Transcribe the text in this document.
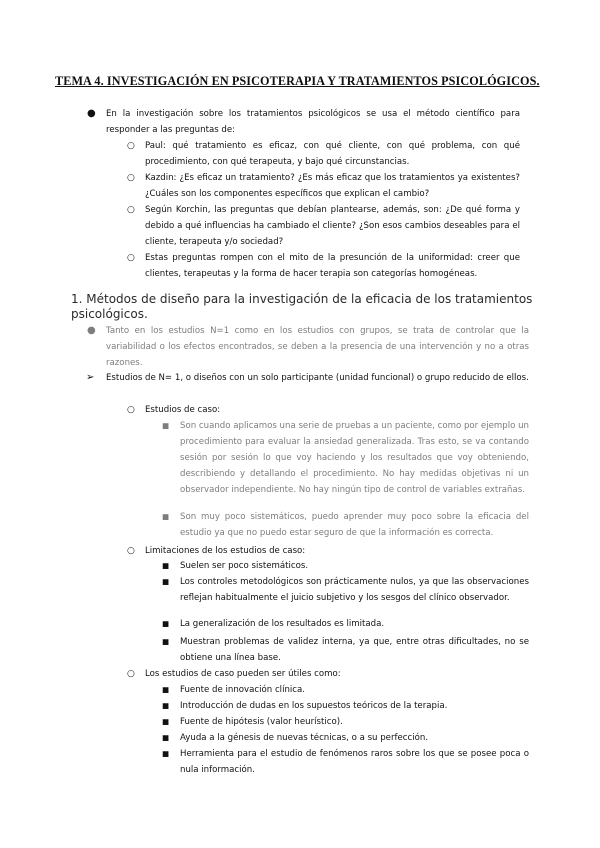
TEMA 4. INVESTIGACIÓN EN PSICOTERAPIA Y TRATAMIENTOS PSICOLÓGICOS.
● En la investigación sobre los tratamientos psicológicos se usa el método científico para responder a las preguntas de:
○ Paul: qué tratamiento es eficaz, con qué cliente, con qué problema, con qué procedimiento, con qué terapeuta, y bajo qué circunstancias.
○ Kazdin: ¿Es eficaz un tratamiento? ¿Es más eficaz que los tratamientos ya existentes? ¿Cuáles son los componentes específicos que explican el cambio?
○ Según Korchin, las preguntas que debían plantearse, además, son: ¿De qué forma y debido a qué influencias ha cambiado el cliente? ¿Son esos cambios deseables para el cliente, terapeuta y/o sociedad?
○ Estas preguntas rompen con el mito de la presunción de la uniformidad: creer que clientes, terapeutas y la forma de hacer terapia son categorías homogéneas.
1. Métodos de diseño para la investigación de la eficacia de los tratamientos psicológicos.
● Tanto en los estudios N=1 como en los estudios con grupos, se trata de controlar que la variabilidad o los efectos encontrados, se deben a la presencia de una intervención y no a otras razones.
➢ Estudios de N= 1, o diseños con un solo participante (unidad funcional) o grupo reducido de ellos.
○ Estudios de caso:
■ Son cuando aplicamos una serie de pruebas a un paciente, como por ejemplo un procedimiento para evaluar la ansiedad generalizada. Tras esto, se va contando sesión por sesión lo que voy haciendo y los resultados que voy obteniendo, describiendo y detallando el procedimiento. No hay medidas objetivas ni un observador independiente. No hay ningún tipo de control de variables extrañas.
■ Son muy poco sistemáticos, puedo aprender muy poco sobre la eficacia del estudio ya que no puedo estar seguro de que la información es correcta.
○ Limitaciones de los estudios de caso:
■ Suelen ser poco sistemáticos.
■ Los controles metodológicos son prácticamente nulos, ya que las observaciones reflejan habitualmente el juicio subjetivo y los sesgos del clínico observador.
■ La generalización de los resultados es limitada.
■ Muestran problemas de validez interna, ya que, entre otras dificultades, no se obtiene una línea base.
○ Los estudios de caso pueden ser útiles como:
■ Fuente de innovación clínica.
■ Introducción de dudas en los supuestos teóricos de la terapia.
■ Fuente de hipótesis (valor heurístico).
■ Ayuda a la génesis de nuevas técnicas, o a su perfección.
■ Herramienta para el estudio de fenómenos raros sobre los que se posee poca o nula información.
